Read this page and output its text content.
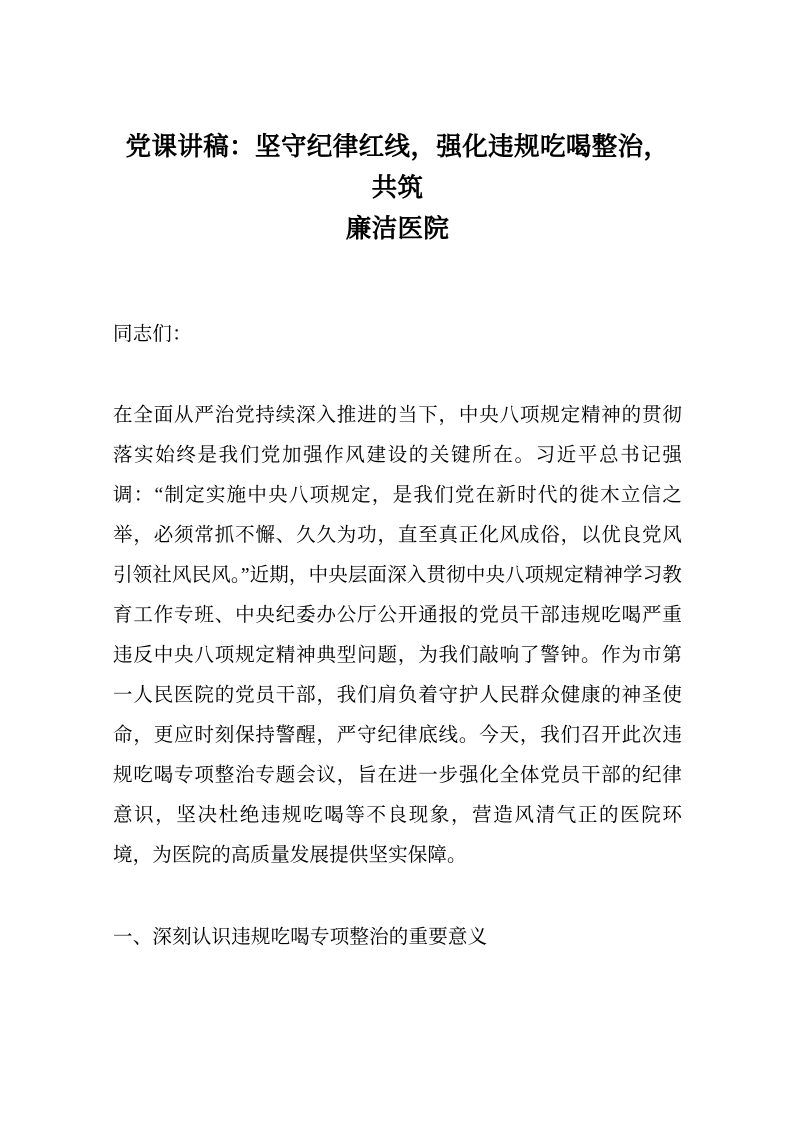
党课讲稿：坚守纪律红线，强化违规吃喝整治，共筑
廉洁医院

同志们：

在全面从严治党持续深入推进的当下，中央八项规定精神的贯彻落实始终是我们党加强作风建设的关键所在。习近平总书记强调：“制定实施中央八项规定，是我们党在新时代的徙木立信之举，必须常抓不懈、久久为功，直至真正化风成俗，以优良党风引领社风民风。”近期，中央层面深入贯彻中央八项规定精神学习教育工作专班、中央纪委办公厅公开通报的党员干部违规吃喝严重违反中央八项规定精神典型问题，为我们敲响了警钟。作为市第一人民医院的党员干部，我们肩负着守护人民群众健康的神圣使命，更应时刻保持警醒，严守纪律底线。今天，我们召开此次违规吃喝专项整治专题会议，旨在进一步强化全体党员干部的纪律意识，坚决杜绝违规吃喝等不良现象，营造风清气正的医院环境，为医院的高质量发展提供坚实保障。

一、深刻认识违规吃喝专项整治的重要意义
